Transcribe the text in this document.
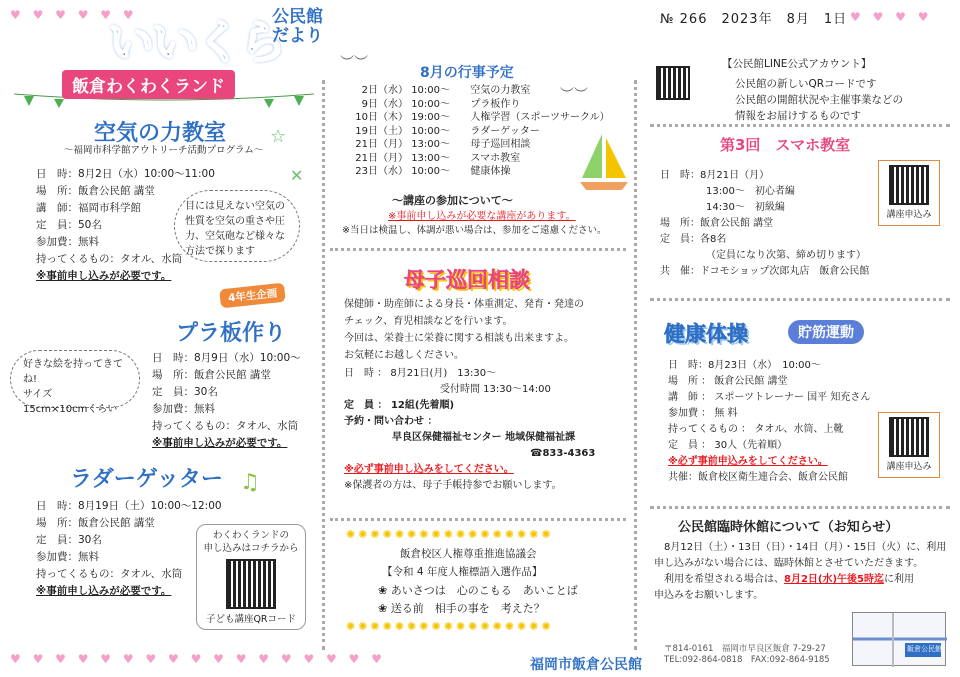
♥ ♥ ♥ ♥ ♥ ♥
いいくら
公民館
だより
№ 266　 2023年　8月　1日 ♥ ♥ ♥ ♥
【公民館LINE公式アカウント】
公民館の新しいQRコードです
公民館の開館状況や主催事業などの
情報をお届けするものです
飯倉わくわくランド
空気の力教室
～福岡市科学館アウトリーチ活動プログラム～
日　時：8月2日（水）10:00～11:00
場　所：飯倉公民館 講堂
講　師：福岡市科学館
定　員：50名
参加費：無料
持ってくるもの：タオル、水筒
※事前申し込みが必要です。
目には見えない空気の
性質を空気の重さや圧
力、空気砲など様々な
方法で探ります
☆
✕
4年生企画
プラ板作り
好きな絵を持ってきてね!
サイズ
15cm×10cmくらい
日　時：8月9日（水）10:00～
場　所：飯倉公民館 講堂
定　員：30名
参加費：無料
持ってくるもの：タオル、水筒
※事前申し込みが必要です。
ラダーゲッター ♫
日　時：8月19日（土）10:00～12:00
場　所：飯倉公民館 講堂
定　員：30名
参加費：無料
持ってくるもの：タオル、水筒
※事前申し込みが必要です。
わくわくランドの
申し込みはコチラから
子ども講座QRコード
︶︶
8月の行事予定
︶︶
2日（水） 10:00～ 空気の力教室
9日（水） 10:00～ プラ板作り
10日（木） 19:00～ 人権学習（スポーツサークル）
19日（土） 10:00～ ラダーゲッター
21日（月） 13:00～ 母子巡回相談
21日（月） 13:00～ スマホ教室
23日（水） 10:00～ 健康体操
～講座の参加について～
※事前申し込みが必要な講座があります。
※当日は検温し、体調が悪い場合は、参加をご遠慮ください。
母子巡回相談
保健師・助産師による身長・体重測定、発育・発達の
チェック、育児相談などを行います。
今回は、栄養士に栄養に関する相談も出来ますよ。
お気軽にお越しください。
日　時 ： 8月21日(月)　13:30～
受付時間 13:30～14:00
定　員 ： 12組(先着順)
予約・問い合わせ ：
早良区保健福祉センター 地域保健福祉課
☎833-4363
※必ず事前申し込みをしてください。
※保護者の方は、母子手帳持参でお願いします。
✺✺✺✺✺✺✺✺✺✺✺✺✺✺✺✺✺
飯倉校区人権尊重推進協議会
【令和 4 年度人権標語入選作品】
❀ あいさつは　心のこもる　あいことば
❀ 送る前　相手の事を　考えた？
✺✺✺✺✺✺✺✺✺✺✺✺✺✺✺✺✺
第3回　スマホ教室
日　時：8月21日（月）
13:00～　初心者編
14:30～　初級編
場　所：飯倉公民館 講堂
定　員：各8名
（定員になり次第、締め切ります）
共　催：ドコモショップ次郎丸店　飯倉公民館
講座申込み
健康体操	貯筋運動
日　時：8月23日（水）　10:00～
場　所 ： 飯倉公民館 講堂
講　師 ： スポーツトレーナー 国平 知充さん
参加費 ： 無 料
持ってくるもの ： タオル、水筒、上靴
定　員 ： 30人（先着順）
※必ず事前申込みをしてください。
共催：飯倉校区衛生連合会、飯倉公民館
講座申込み
公民館臨時休館について（お知らせ）
8月12日（土）・13日（日）・14日（月）・15日（火）に、利用
申し込みがない場合には、臨時休館とさせていただきます。
利用を希望される場合は、8月2日(水)午後5時迄に利用
申込みをお願いします。
♥ ♥ ♥ ♥ ♥ ♥ ♥ ♥ ♥ ♥ ♥ ♥ ♥ ♥ ♥ ♥ ♥	福岡市飯倉公民館
〒814-0161　福岡市早良区飯倉 7-29-27
TEL:092-864-0818　FAX:092-864-9185
飯倉公民館
